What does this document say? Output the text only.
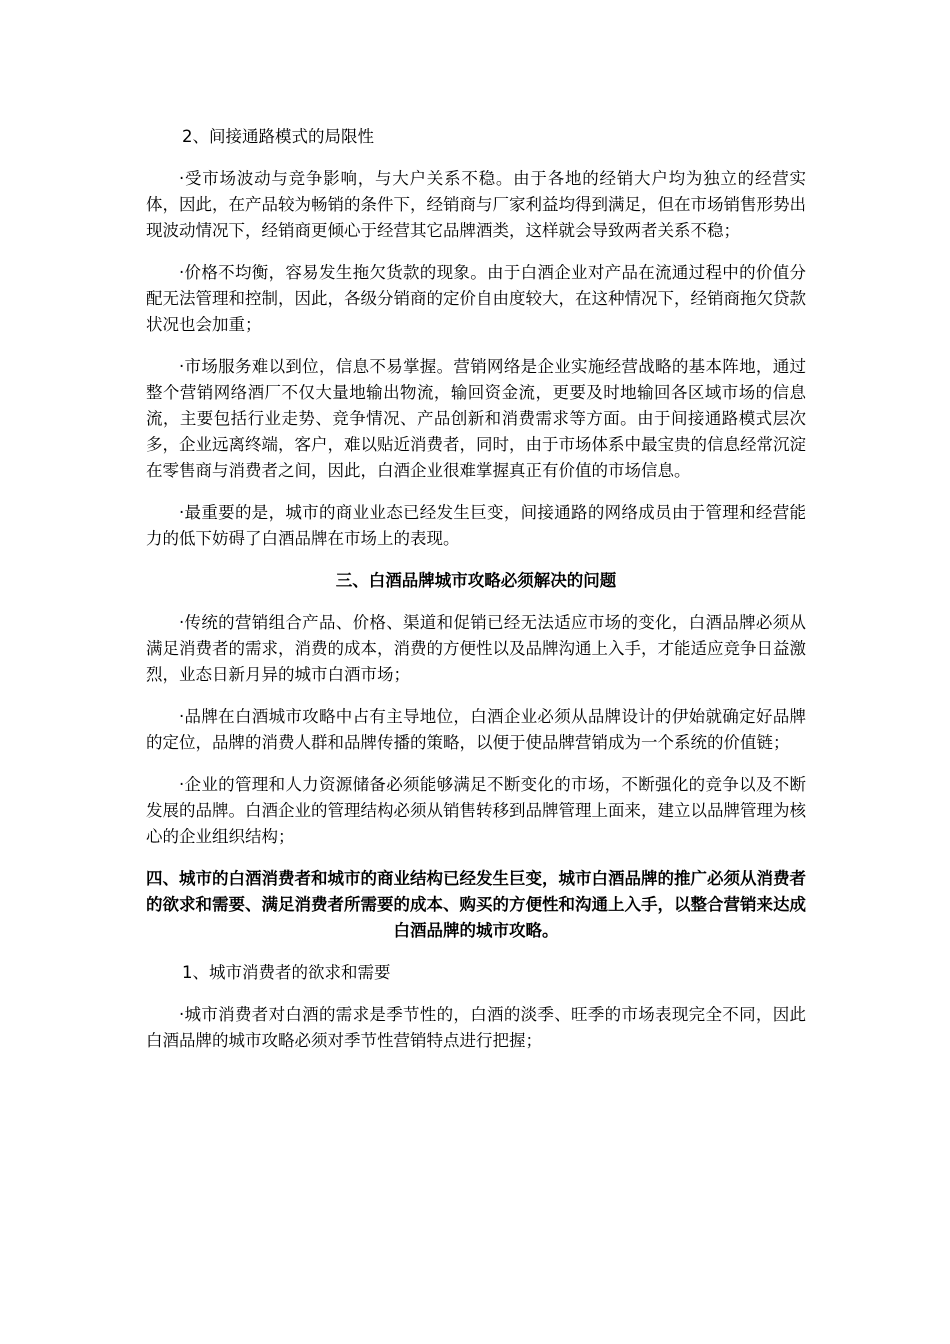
2、间接通路模式的局限性

·受市场波动与竞争影响，与大户关系不稳。由于各地的经销大户均为独立的经营实体，因此，在产品较为畅销的条件下，经销商与厂家利益均得到满足，但在市场销售形势出现波动情况下，经销商更倾心于经营其它品牌酒类，这样就会导致两者关系不稳；

·价格不均衡，容易发生拖欠货款的现象。由于白酒企业对产品在流通过程中的价值分配无法管理和控制，因此，各级分销商的定价自由度较大，在这种情况下，经销商拖欠贷款状况也会加重；

·市场服务难以到位，信息不易掌握。营销网络是企业实施经营战略的基本阵地，通过整个营销网络酒厂不仅大量地输出物流，输回资金流，更要及时地输回各区域市场的信息流，主要包括行业走势、竞争情况、产品创新和消费需求等方面。由于间接通路模式层次多，企业远离终端，客户，难以贴近消费者，同时，由于市场体系中最宝贵的信息经常沉淀在零售商与消费者之间，因此，白酒企业很难掌握真正有价值的市场信息。

·最重要的是，城市的商业业态已经发生巨变，间接通路的网络成员由于管理和经营能力的低下妨碍了白酒品牌在市场上的表现。

三、白酒品牌城市攻略必须解决的问题

·传统的营销组合产品、价格、渠道和促销已经无法适应市场的变化，白酒品牌必须从满足消费者的需求，消费的成本，消费的方便性以及品牌沟通上入手，才能适应竞争日益激烈，业态日新月异的城市白酒市场；

·品牌在白酒城市攻略中占有主导地位，白酒企业必须从品牌设计的伊始就确定好品牌的定位，品牌的消费人群和品牌传播的策略，以便于使品牌营销成为一个系统的价值链；

·企业的管理和人力资源储备必须能够满足不断变化的市场，不断强化的竞争以及不断发展的品牌。白酒企业的管理结构必须从销售转移到品牌管理上面来，建立以品牌管理为核心的企业组织结构；

四、城市的白酒消费者和城市的商业结构已经发生巨变，城市白酒品牌的推广必须从消费者的欲求和需要、满足消费者所需要的成本、购买的方便性和沟通上入手，以整合营销来达成白酒品牌的城市攻略。
1、城市消费者的欲求和需要

·城市消费者对白酒的需求是季节性的，白酒的淡季、旺季的市场表现完全不同，因此白酒品牌的城市攻略必须对季节性营销特点进行把握；
